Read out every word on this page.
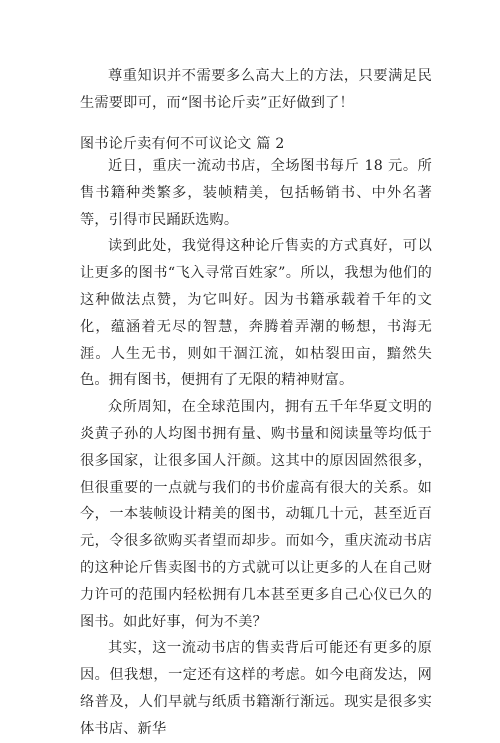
尊重知识并不需要多么高大上的方法，只要满足民生需要即可，而“图书论斤卖”正好做到了！

图书论斤卖有何不可议论文 篇 2

近日，重庆一流动书店，全场图书每斤 18 元。所售书籍种类繁多，装帧精美，包括畅销书、中外名著等，引得市民踊跃选购。

读到此处，我觉得这种论斤售卖的方式真好，可以让更多的图书“飞入寻常百姓家”。所以，我想为他们的这种做法点赞，为它叫好。因为书籍承载着千年的文化，蕴涵着无尽的智慧，奔腾着弄潮的畅想，书海无涯。人生无书，则如干涸江流，如枯裂田亩，黯然失色。拥有图书，便拥有了无限的精神财富。

众所周知，在全球范围内，拥有五千年华夏文明的炎黄子孙的人均图书拥有量、购书量和阅读量等均低于很多国家，让很多国人汗颜。这其中的原因固然很多，但很重要的一点就与我们的书价虚高有很大的关系。如今，一本装帧设计精美的图书，动辄几十元，甚至近百元，令很多欲购买者望而却步。而如今，重庆流动书店的这种论斤售卖图书的方式就可以让更多的人在自己财力许可的范围内轻松拥有几本甚至更多自己心仪已久的图书。如此好事，何为不美？

其实，这一流动书店的售卖背后可能还有更多的原因。但我想，一定还有这样的考虑。如今电商发达，网络普及，人们早就与纸质书籍渐行渐远。现实是很多实体书店、新华
